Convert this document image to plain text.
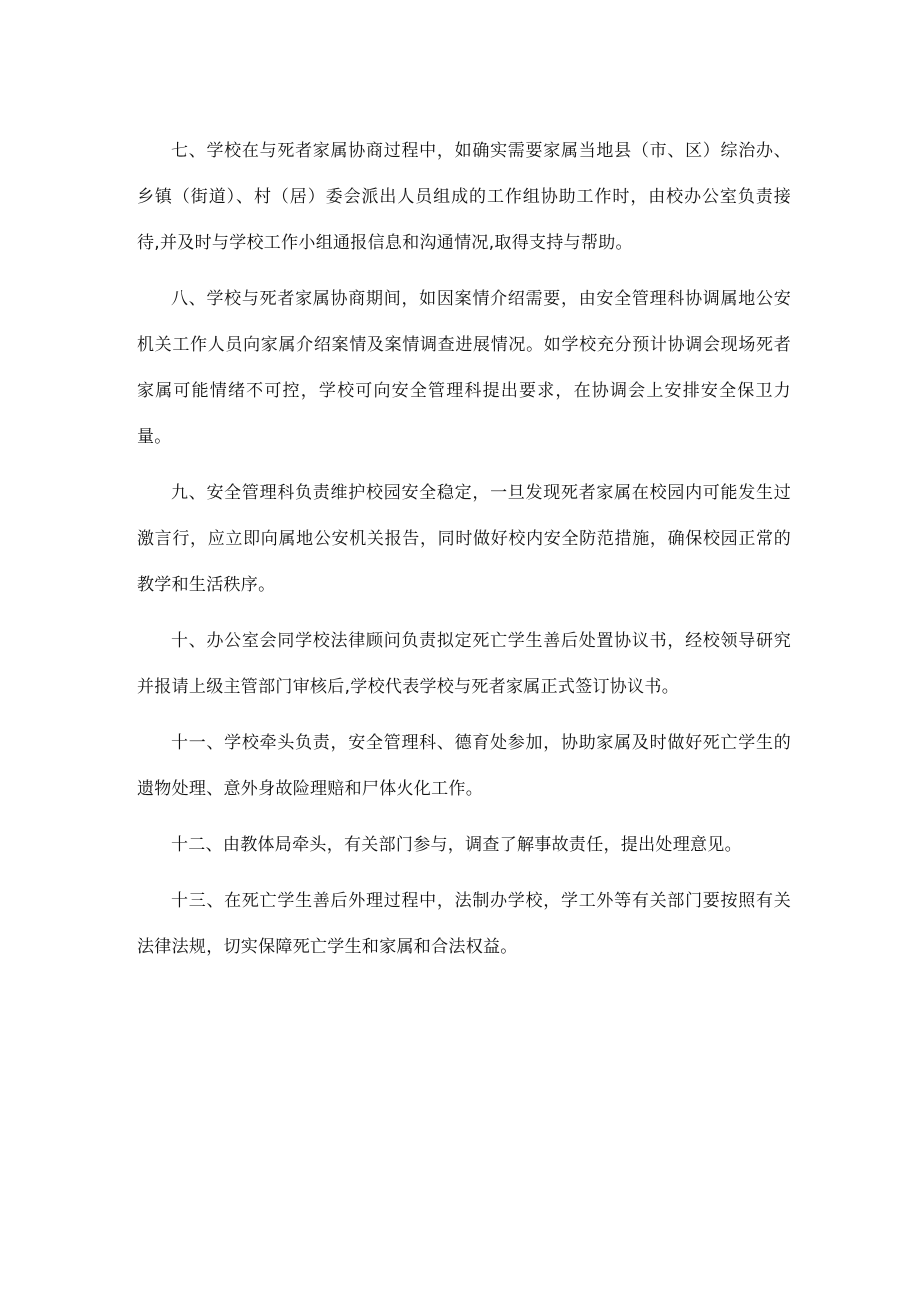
七、学校在与死者家属协商过程中，如确实需要家属当地县（市、区）综治办、乡镇（街道）、村（居）委会派出人员组成的工作组协助工作时，由校办公室负责接待,并及时与学校工作小组通报信息和沟通情况,取得支持与帮助。

八、学校与死者家属协商期间，如因案情介绍需要，由安全管理科协调属地公安机关工作人员向家属介绍案情及案情调查进展情况。如学校充分预计协调会现场死者家属可能情绪不可控，学校可向安全管理科提出要求，在协调会上安排安全保卫力量。

九、安全管理科负责维护校园安全稳定，一旦发现死者家属在校园内可能发生过激言行，应立即向属地公安机关报告，同时做好校内安全防范措施，确保校园正常的教学和生活秩序。

十、办公室会同学校法律顾问负责拟定死亡学生善后处置协议书，经校领导研究并报请上级主管部门审核后,学校代表学校与死者家属正式签订协议书。

十一、学校牵头负责，安全管理科、德育处参加，协助家属及时做好死亡学生的遗物处理、意外身故险理赔和尸体火化工作。

十二、由教体局牵头，有关部门参与，调查了解事故责任，提出处理意见。

十三、在死亡学生善后外理过程中，法制办学校，学工外等有关部门要按照有关法律法规，切实保障死亡学生和家属和合法权益。
